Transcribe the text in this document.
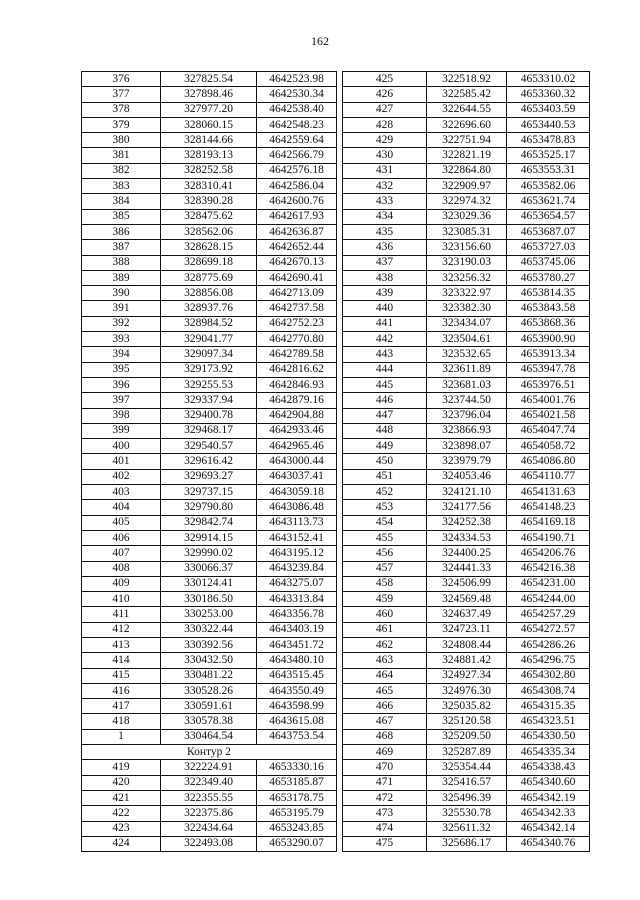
162
376	327825.54	4642523.98
377	327898.46	4642530.34
378	327977.20	4642538.40
379	328060.15	4642548.23
380	328144.66	4642559.64
381	328193.13	4642566.79
382	328252.58	4642576.18
383	328310.41	4642586.04
384	328390.28	4642600.76
385	328475.62	4642617.93
386	328562.06	4642636.87
387	328628.15	4642652.44
388	328699.18	4642670.13
389	328775.69	4642690.41
390	328856.08	4642713.09
391	328937.76	4642737.58
392	328984.52	4642752.23
393	329041.77	4642770.80
394	329097.34	4642789.58
395	329173.92	4642816.62
396	329255.53	4642846.93
397	329337.94	4642879.16
398	329400.78	4642904.88
399	329468.17	4642933.46
400	329540.57	4642965.46
401	329616.42	4643000.44
402	329693.27	4643037.41
403	329737.15	4643059.18
404	329790.80	4643086.48
405	329842.74	4643113.73
406	329914.15	4643152.41
407	329990.02	4643195.12
408	330066.37	4643239.84
409	330124.41	4643275.07
410	330186.50	4643313.84
411	330253.00	4643356.78
412	330322.44	4643403.19
413	330392.56	4643451.72
414	330432.50	4643480.10
415	330481.22	4643515.45
416	330528.26	4643550.49
417	330591.61	4643598.99
418	330578.38	4643615.08
1	330464.54	4643753.54
Контур 2		
419	322224.91	4653330.16
420	322349.40	4653185.87
421	322355.55	4653178.75
422	322375.86	4653195.79
423	322434.64	4653243.85
424	322493.08	4653290.07
425	322518.92	4653310.02
426	322585.42	4653360.32
427	322644.55	4653403.59
428	322696.60	4653440.53
429	322751.94	4653478.83
430	322821.19	4653525.17
431	322864.80	4653553.31
432	322909.97	4653582.06
433	322974.32	4653621.74
434	323029.36	4653654.57
435	323085.31	4653687.07
436	323156.60	4653727.03
437	323190.03	4653745.06
438	323256.32	4653780.27
439	323322.97	4653814.35
440	323382.30	4653843.58
441	323434.07	4653868.36
442	323504.61	4653900.90
443	323532.65	4653913.34
444	323611.89	4653947.78
445	323681.03	4653976.51
446	323744.50	4654001.76
447	323796.04	4654021.58
448	323866.93	4654047.74
449	323898.07	4654058.72
450	323979.79	4654086.80
451	324053.46	4654110.77
452	324121.10	4654131.63
453	324177.56	4654148.23
454	324252.38	4654169.18
455	324334.53	4654190.71
456	324400.25	4654206.76
457	324441.33	4654216.38
458	324506.99	4654231.00
459	324569.48	4654244.00
460	324637.49	4654257.29
461	324723.11	4654272.57
462	324808.44	4654286.26
463	324881.42	4654296.75
464	324927.34	4654302.80
465	324976.30	4654308.74
466	325035.82	4654315.35
467	325120.58	4654323.51
468	325209.50	4654330.50
469	325287.89	4654335.34
470	325354.44	4654338.43
471	325416.57	4654340.60
472	325496.39	4654342.19
473	325530.78	4654342.33
474	325611.32	4654342.14
475	325686.17	4654340.76
